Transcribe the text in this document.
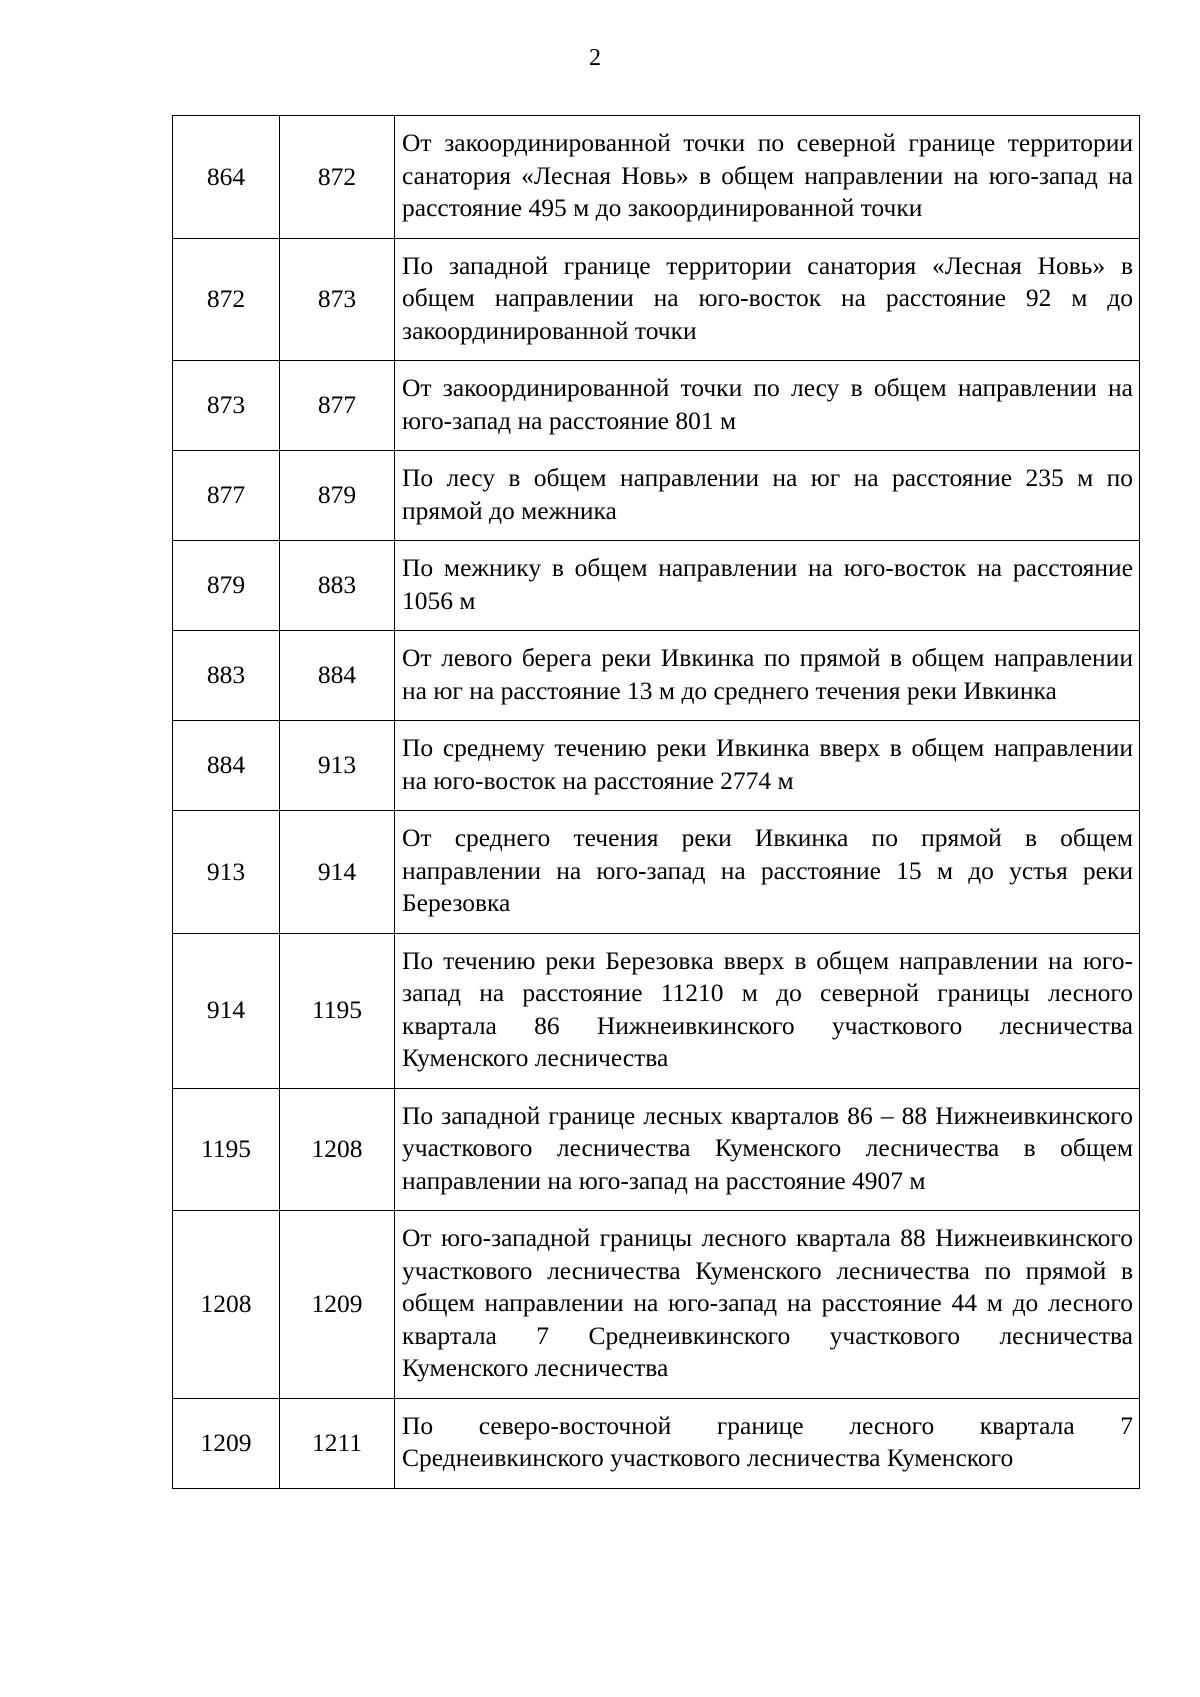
2
864	872	От закоординированной точки по северной границе территории санатория «Лесная Новь» в общем направлении на юго-запад на расстояние 495 м до закоординированной точки
872	873	По западной границе территории санатория «Лесная Новь» в общем направлении на юго-восток на расстояние 92 м до закоординированной точки
873	877	От закоординированной точки по лесу в общем направлении на юго-запад на расстояние 801 м
877	879	По лесу в общем направлении на юг на расстояние 235 м по прямой до межника
879	883	По межнику в общем направлении на юго-восток на расстояние 1056 м
883	884	От левого берега реки Ивкинка по прямой в общем направлении на юг на расстояние 13 м до среднего течения реки Ивкинка
884	913	По среднему течению реки Ивкинка вверх в общем направлении на юго-восток на расстояние 2774 м
913	914	От среднего течения реки Ивкинка по прямой в общем направлении на юго-запад на расстояние 15 м до устья реки Березовка
914	1195	По течению реки Березовка вверх в общем направлении на юго-запад на расстояние 11210 м до северной границы лесного квартала 86 Нижнеивкинского участкового лесничества Куменского лесничества
1195	1208	По западной границе лесных кварталов 86 – 88 Нижнеивкинского участкового лесничества Куменского лесничества в общем направлении на юго-запад на расстояние 4907 м
1208	1209	От юго-западной границы лесного квартала 88 Нижнеивкинского участкового лесничества Куменского лесничества по прямой в общем направлении на юго-запад на расстояние 44 м до лесного квартала 7 Среднеивкинского участкового лесничества Куменского лесничества
1209	1211	По северо-восточной границе лесного квартала 7 Среднеивкинского участкового лесничества Куменского
